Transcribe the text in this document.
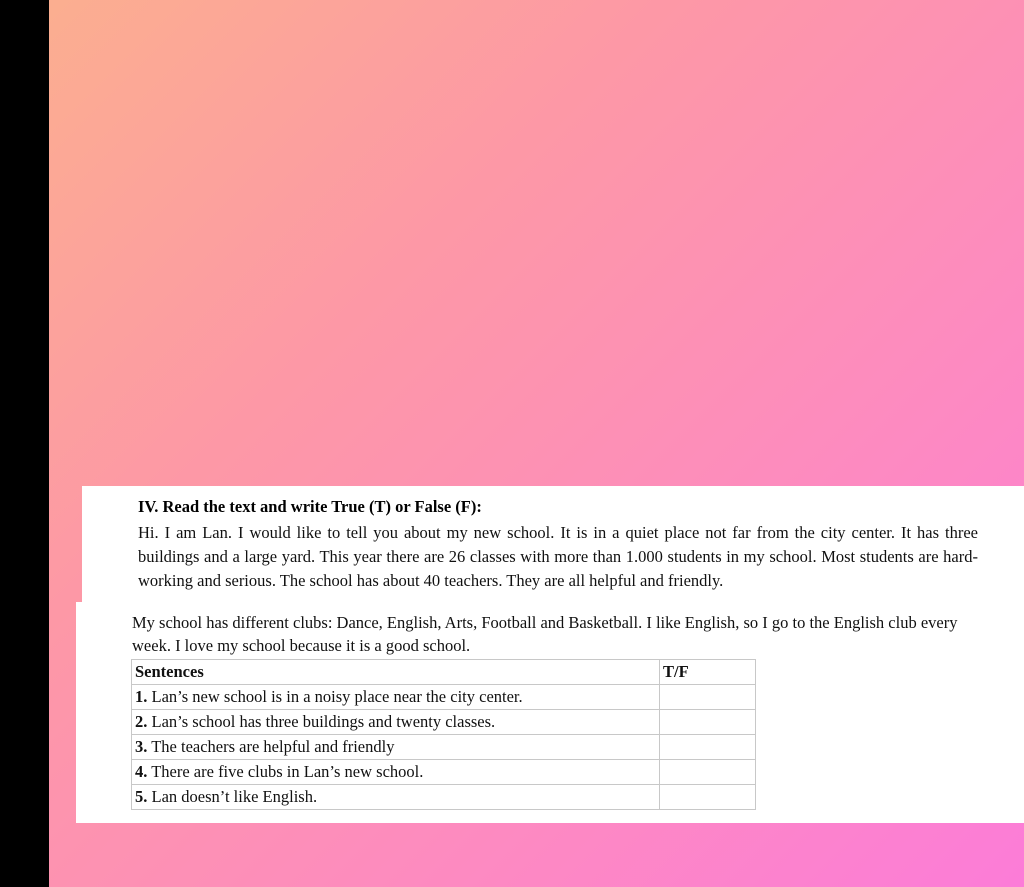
IV. Read the text and write True (T) or False (F):
Hi. I am Lan. I would like to tell you about my new school. It is in a quiet place not far from the city center. It has three buildings and a large yard. This year there are 26 classes with more than 1.000 students in my school. Most students are hard-working and serious. The school has about 40 teachers. They are all helpful and friendly.
My school has different clubs: Dance, English, Arts, Football and Basketball. I like English, so I go to the English club every week. I love my school because it is a good school.
Sentences	T/F
1. Lan’s new school is in a noisy place near the city center.	
2. Lan’s school has three buildings and twenty classes.	
3. The teachers are helpful and friendly	
4. There are five clubs in Lan’s new school.	
5. Lan doesn’t like English.	
